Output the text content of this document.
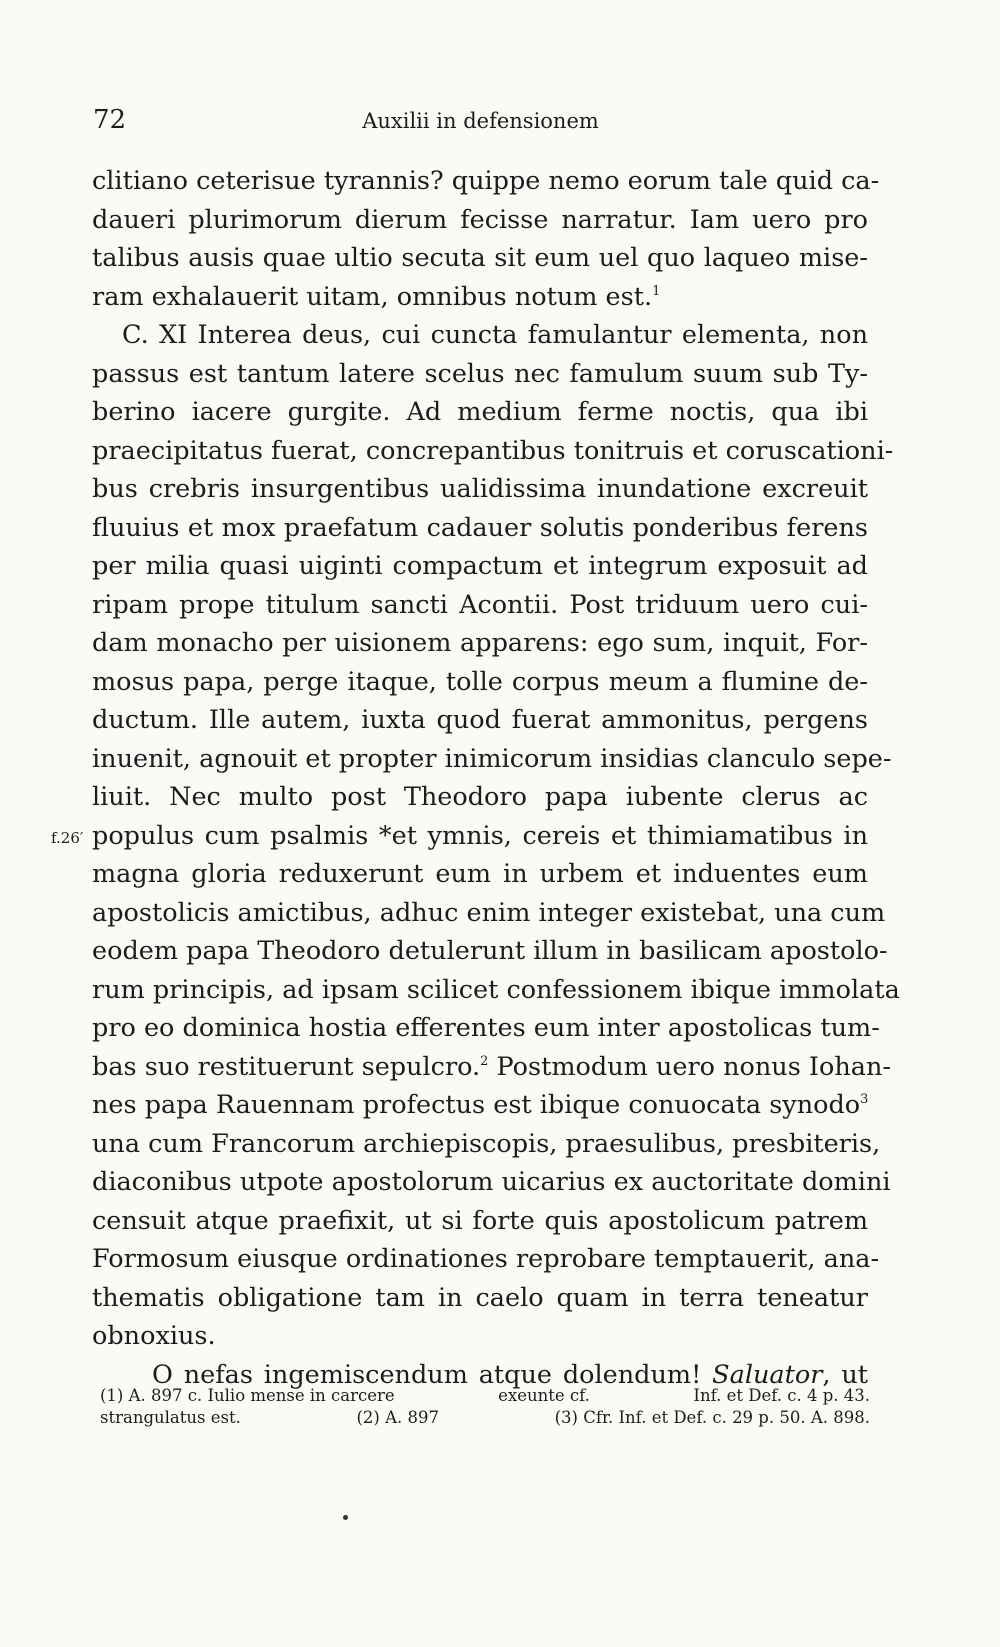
72	Auxilii in defensionem
f.26′
clitiano ceterisue tyrannis? quippe nemo eorum tale quid ca-
daueri plurimorum dierum fecisse narratur. Iam uero pro
talibus ausis quae ultio secuta sit eum uel quo laqueo mise-
ram exhalauerit uitam, omnibus notum est.$^1$
C. XI Interea deus, cui cuncta famulantur elementa, non
passus est tantum latere scelus nec famulum suum sub Ty-
berino iacere gurgite. Ad medium ferme noctis, qua ibi
praecipitatus fuerat, concrepantibus tonitruis et coruscationi-
bus crebris insurgentibus ualidissima inundatione excreuit
fluuius et mox praefatum cadauer solutis ponderibus ferens
per milia quasi uiginti compactum et integrum exposuit ad
ripam prope titulum sancti Acontii. Post triduum uero cui-
dam monacho per uisionem apparens: ego sum, inquit, For-
mosus papa, perge itaque, tolle corpus meum a flumine de-
ductum. Ille autem, iuxta quod fuerat ammonitus, pergens
inuenit, agnouit et propter inimicorum insidias clanculo sepe-
liuit. Nec multo post Theodoro papa iubente clerus ac
populus cum psalmis *et ymnis, cereis et thimiamatibus in
magna gloria reduxerunt eum in urbem et induentes eum
apostolicis amictibus, adhuc enim integer existebat, una cum
eodem papa Theodoro detulerunt illum in basilicam apostolo-
rum principis, ad ipsam scilicet confessionem ibique immolata
pro eo dominica hostia efferentes eum inter apostolicas tum-
bas suo restituerunt sepulcro.$^2$ Postmodum uero nonus Iohan-
nes papa Rauennam profectus est ibique conuocata synodo$^3$
una cum Francorum archiepiscopis, praesulibus, presbiteris,
diaconibus utpote apostolorum uicarius ex auctoritate domini
censuit atque praefixit, ut si forte quis apostolicum patrem
Formosum eiusque ordinationes reprobare temptauerit, ana-
thematis obligatione tam in caelo quam in terra teneatur
obnoxius.
O nefas ingemiscendum atque dolendum! Saluator, ut
(1) A. 897 c. Iulio mense in carcere	exeunte cf.	Inf. et Def. c. 4 p. 43.
strangulatus est.	(2) A. 897	(3) Cfr. Inf. et Def. c. 29 p. 50. A. 898.
